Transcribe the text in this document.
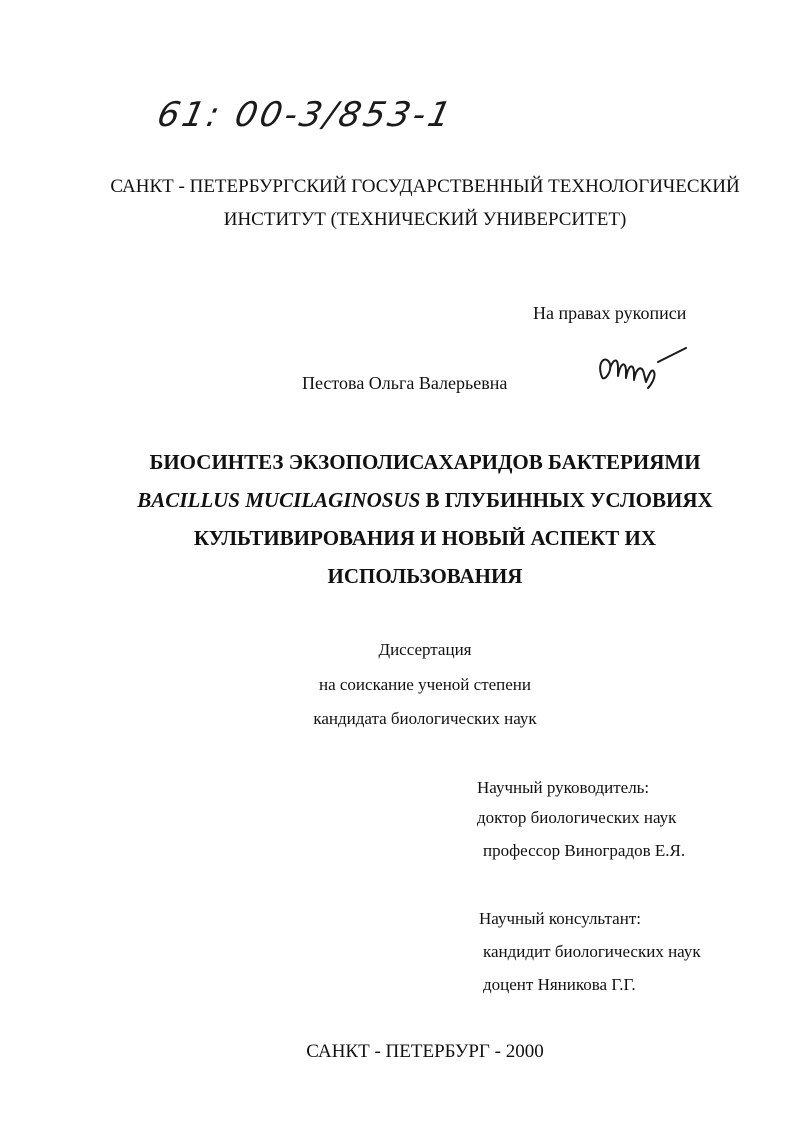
61: 00-3/853-1
САНКТ - ПЕТЕРБУРГСКИЙ ГОСУДАРСТВЕННЫЙ ТЕХНОЛОГИЧЕСКИЙ
ИНСТИТУТ (ТЕХНИЧЕСКИЙ УНИВЕРСИТЕТ)
На правах рукописи
Пестова Ольга Валерьевна
БИОСИНТЕЗ ЭКЗОПОЛИСАХАРИДОВ БАКТЕРИЯМИ
BACILLUS MUCILAGINOSUS В ГЛУБИННЫХ УСЛОВИЯХ
КУЛЬТИВИРОВАНИЯ И НОВЫЙ АСПЕКТ ИХ
ИСПОЛЬЗОВАНИЯ
Диссертация
на соискание ученой степени
кандидата биологических наук
Научный руководитель:
доктор биологических наук
профессор Виноградов Е.Я.
Научный консультант:
кандидит биологических наук
доцент Няникова Г.Г.
САНКТ - ПЕТЕРБУРГ - 2000
